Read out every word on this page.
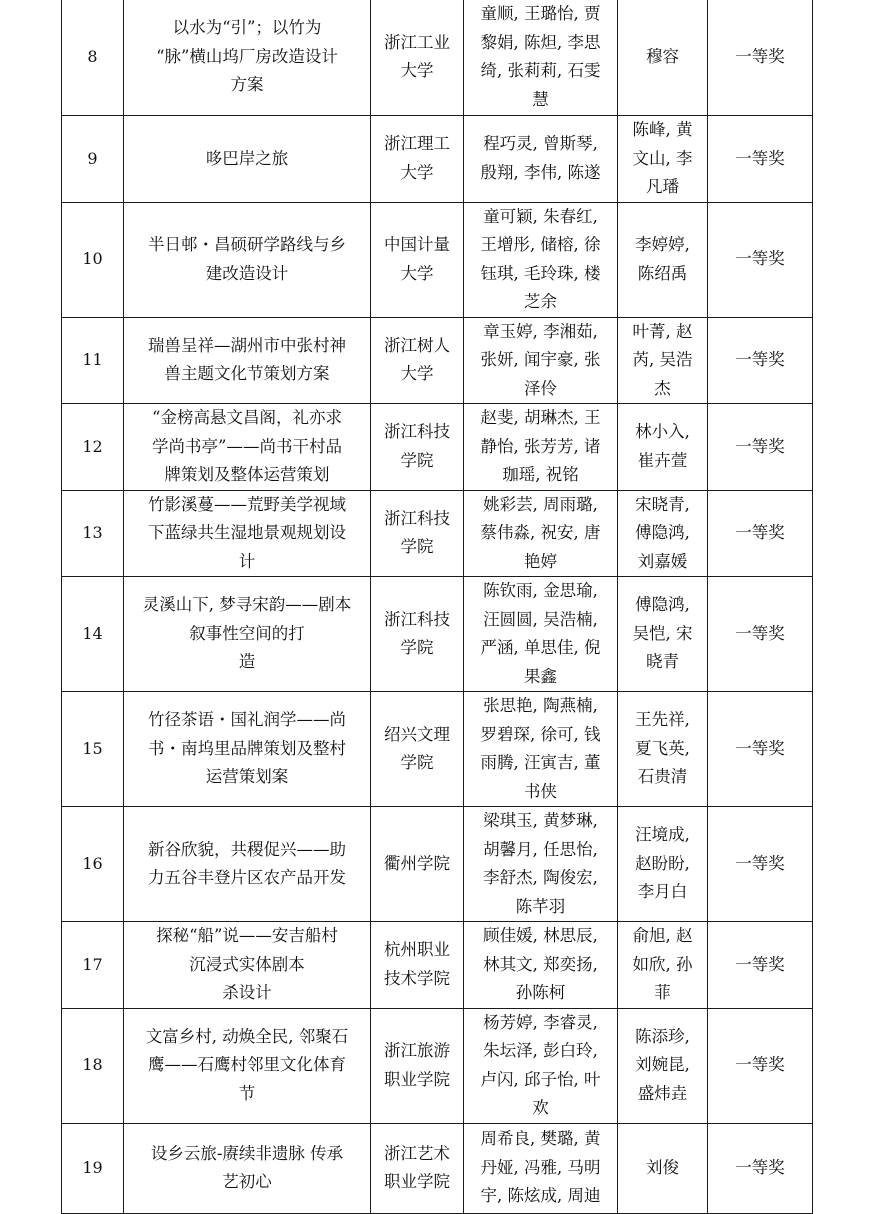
8	以水为“引”；以竹为
“脉”横山坞厂房改造设计
方案	浙江工业
大学	童顺, 王璐怡, 贾
黎娟, 陈炟, 李思
绮, 张莉莉, 石雯
慧	穆容	一等奖
9	哆巴岸之旅	浙江理工
大学	程巧灵, 曾斯琴,
殷翔, 李伟, 陈遂	陈峰, 黄
文山, 李
凡璠	一等奖
10	半日邨・昌硕研学路线与乡
建改造设计	中国计量
大学	童可颖, 朱春红,
王增彤, 储榕, 徐
钰琪, 毛玲珠, 楼
芝余	李婷婷,
陈绍禹	一等奖
11	瑞兽呈祥—湖州市中张村神
兽主题文化节策划方案	浙江树人
大学	章玉婷, 李湘茹,
张妍, 闻宇豪, 张
泽伶	叶菁, 赵
芮, 吴浩
杰	一等奖
12	“金榜高悬文昌阁，礼亦求
学尚书亭”——尚书干村品
牌策划及整体运营策划	浙江科技
学院	赵斐, 胡琳杰, 王
静怡, 张芳芳, 诸
珈瑶, 祝铭	林小入,
崔卉萱	一等奖
13	竹影溪蔓——荒野美学视域
下蓝绿共生湿地景观规划设
计	浙江科技
学院	姚彩芸, 周雨璐,
蔡伟淼, 祝安, 唐
艳婷	宋晓青,
傅隐鸿,
刘嘉媛	一等奖
14	灵溪山下, 梦寻宋韵——剧本
叙事性空间的打
造	浙江科技
学院	陈钦雨, 金思瑜,
汪圆圆, 吴浩楠,
严涵, 单思佳, 倪
果鑫	傅隐鸿,
吴恺, 宋
晓青	一等奖
15	竹径茶语・国礼润学——尚
书・南坞里品牌策划及整村
运营策划案	绍兴文理
学院	张思艳, 陶燕楠,
罗碧琛, 徐可, 钱
雨腾, 汪寅吉, 董
书侠	王先祥,
夏飞英,
石贵清	一等奖
16	新谷欣貌，共稷促兴——助
力五谷丰登片区农产品开发	衢州学院	梁琪玉, 黄梦琳,
胡馨月, 任思怡,
李舒杰, 陶俊宏,
陈芊羽	汪境成,
赵盼盼,
李月白	一等奖
17	探秘“船”说——安吉船村
沉浸式实体剧本
杀设计	杭州职业
技术学院	顾佳媛, 林思辰,
林其文, 郑奕扬,
孙陈柯	俞旭, 赵
如欣, 孙
菲	一等奖
18	文富乡村, 动焕全民, 邻聚石
鹰——石鹰村邻里文化体育
节	浙江旅游
职业学院	杨芳婷, 李睿灵,
朱坛泽, 彭白玲,
卢闪, 邱子怡, 叶
欢	陈添珍,
刘婉昆,
盛炜垚	一等奖
19	设乡云旅-赓续非遗脉 传承
艺初心	浙江艺术
职业学院	周希良, 樊璐, 黄
丹娅, 冯雅, 马明
宇, 陈炫成, 周迪	刘俊	一等奖
